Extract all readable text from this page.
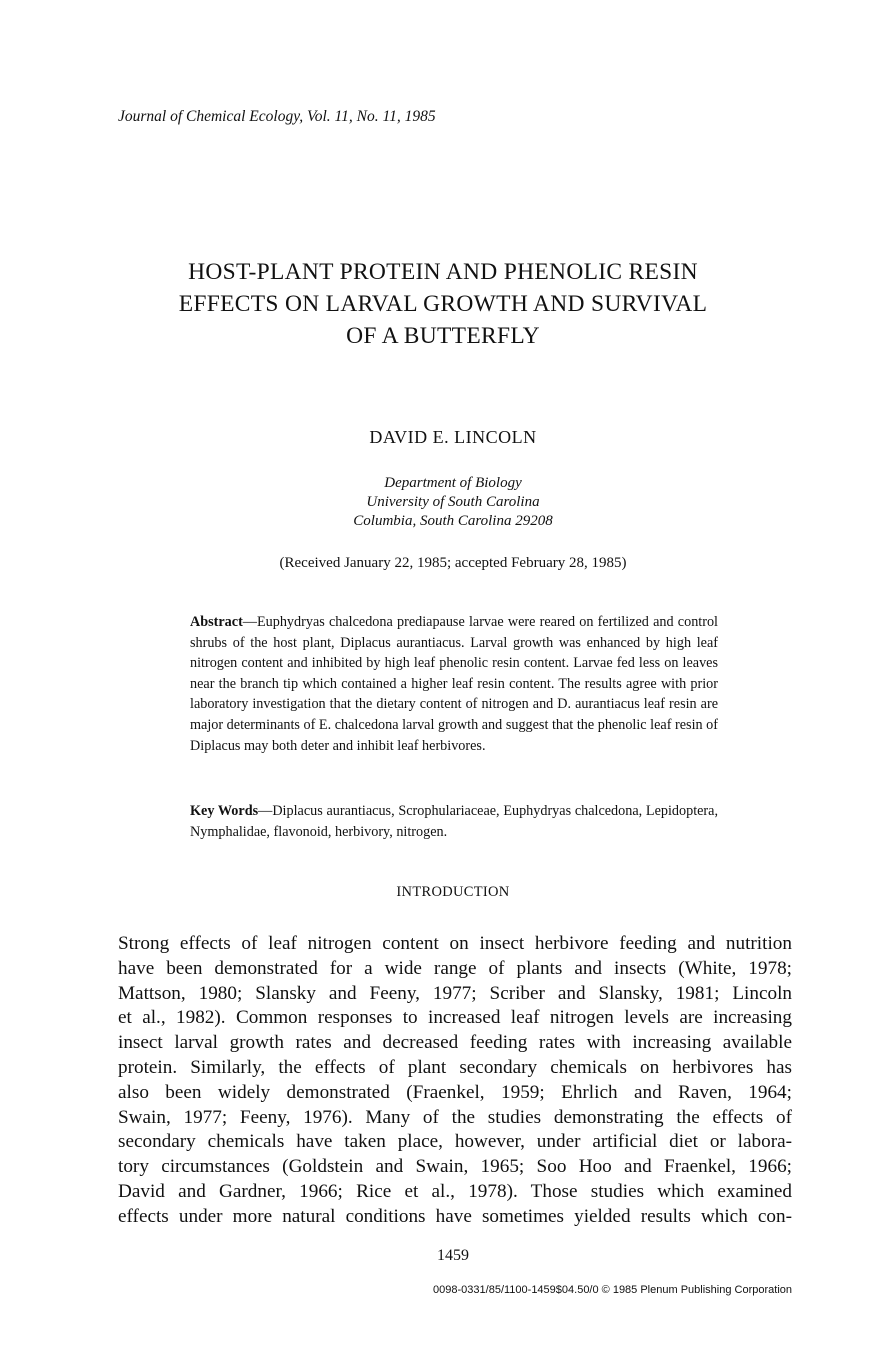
Journal of Chemical Ecology, Vol. 11, No. 11, 1985
HOST-PLANT PROTEIN AND PHENOLIC RESIN
EFFECTS ON LARVAL GROWTH AND SURVIVAL
OF A BUTTERFLY
DAVID E. LINCOLN
Department of Biology
University of South Carolina
Columbia, South Carolina 29208
(Received January 22, 1985; accepted February 28, 1985)
Abstract—Euphydryas chalcedona prediapause larvae were reared on fertilized and control shrubs of the host plant, Diplacus aurantiacus. Larval growth was enhanced by high leaf nitrogen content and inhibited by high leaf phenolic resin content. Larvae fed less on leaves near the branch tip which contained a higher leaf resin content. The results agree with prior laboratory investigation that the dietary content of nitrogen and D. aurantiacus leaf resin are major determinants of E. chalcedona larval growth and suggest that the phenolic leaf resin of Diplacus may both deter and inhibit leaf herbivores.
Key Words—Diplacus aurantiacus, Scrophulariaceae, Euphydryas chalcedona, Lepidoptera, Nymphalidae, flavonoid, herbivory, nitrogen.
INTRODUCTION
Strong effects of leaf nitrogen content on insect herbivore feeding and nutrition
have been demonstrated for a wide range of plants and insects (White, 1978;
Mattson, 1980; Slansky and Feeny, 1977; Scriber and Slansky, 1981; Lincoln
et al., 1982). Common responses to increased leaf nitrogen levels are increasing
insect larval growth rates and decreased feeding rates with increasing available
protein. Similarly, the effects of plant secondary chemicals on herbivores has
also been widely demonstrated (Fraenkel, 1959; Ehrlich and Raven, 1964;
Swain, 1977; Feeny, 1976). Many of the studies demonstrating the effects of
secondary chemicals have taken place, however, under artificial diet or labora-
tory circumstances (Goldstein and Swain, 1965; Soo Hoo and Fraenkel, 1966;
David and Gardner, 1966; Rice et al., 1978). Those studies which examined
effects under more natural conditions have sometimes yielded results which con-
1459
0098-0331/85/1100-1459$04.50/0 © 1985 Plenum Publishing Corporation
